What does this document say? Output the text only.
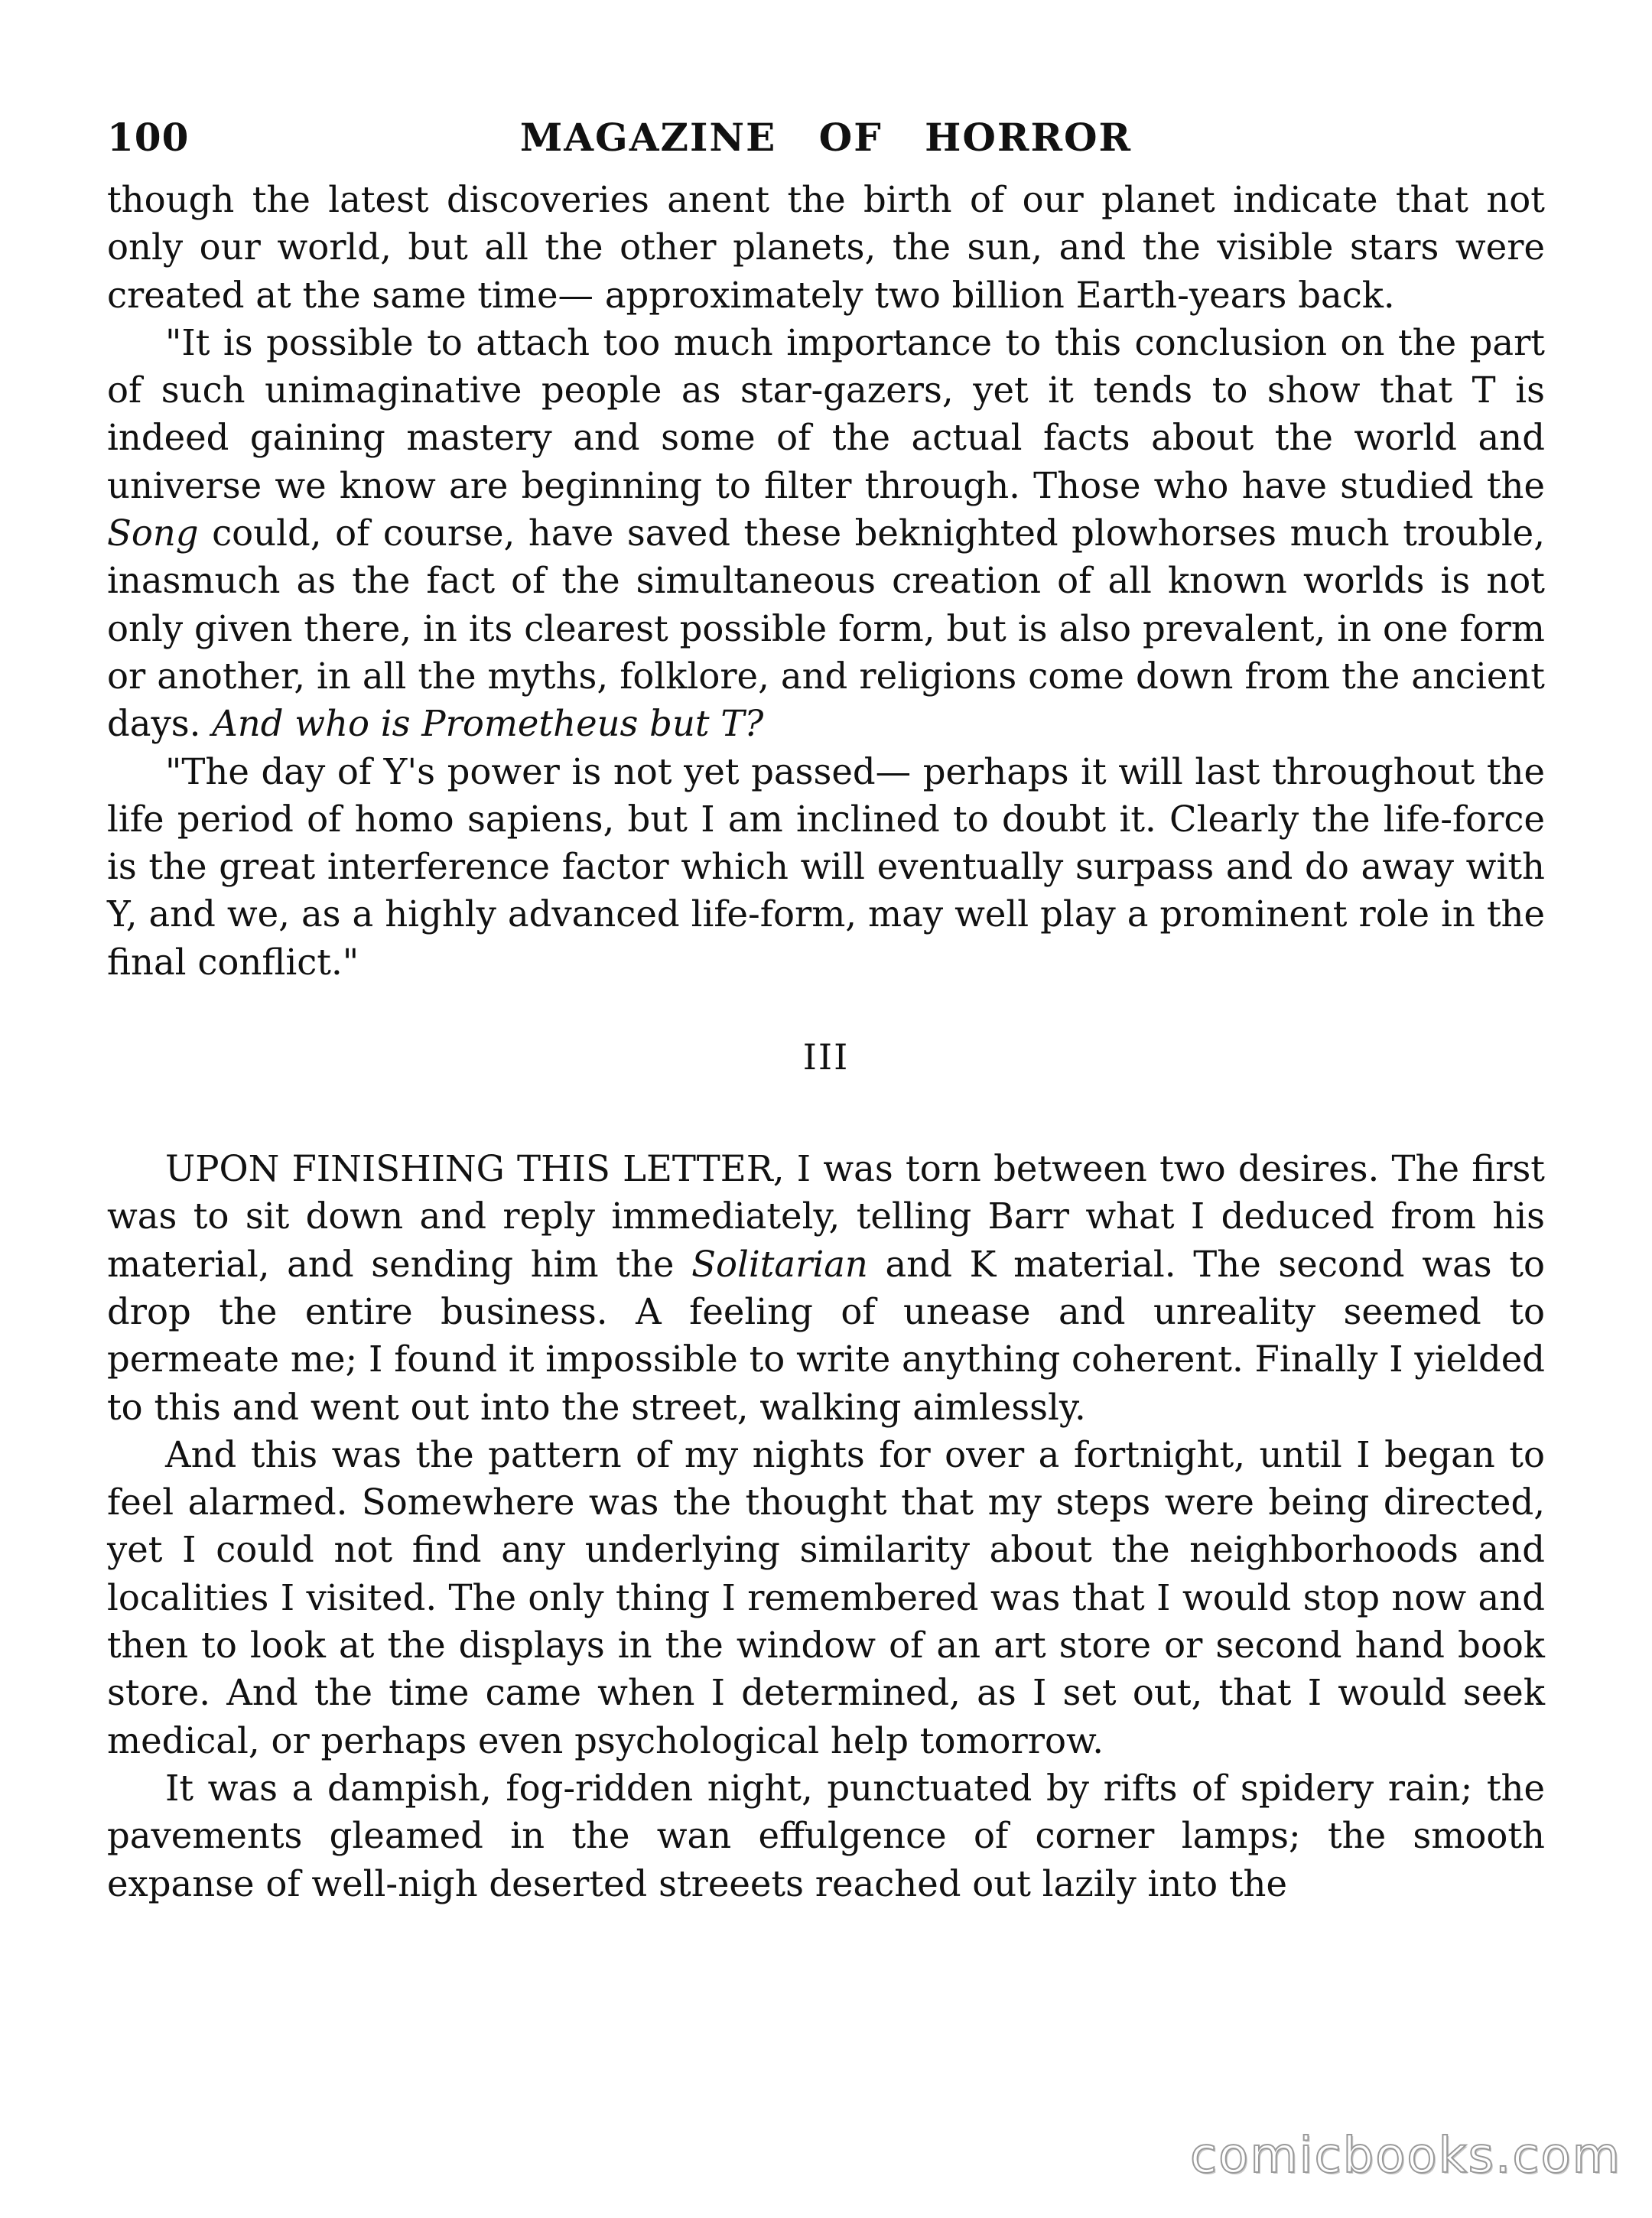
100	MAGAZINE OF HORROR

though the latest discoveries anent the birth of our planet indicate that not only our world, but all the other planets, the sun, and the visible stars were created at the same time— approximately two billion Earth-years back.

"It is possible to attach too much importance to this conclusion on the part of such unimaginative people as star-gazers, yet it tends to show that T is indeed gaining mastery and some of the actual facts about the world and universe we know are beginning to filter through. Those who have studied the Song could, of course, have saved these beknighted plowhorses much trouble, inasmuch as the fact of the simultaneous creation of all known worlds is not only given there, in its clearest possible form, but is also prevalent, in one form or another, in all the myths, folklore, and religions come down from the ancient days. And who is Prometheus but T?

"The day of Y's power is not yet passed— perhaps it will last throughout the life period of homo sapiens, but I am inclined to doubt it. Clearly the life-force is the great interference factor which will eventually surpass and do away with Y, and we, as a highly advanced life-form, may well play a prominent role in the final conflict."

III

UPON FINISHING THIS LETTER, I was torn between two desires. The first was to sit down and reply immediately, telling Barr what I deduced from his material, and sending him the Solitarian and K material. The second was to drop the entire business. A feeling of unease and unreality seemed to permeate me; I found it impossible to write anything coherent. Finally I yielded to this and went out into the street, walking aimlessly.

And this was the pattern of my nights for over a fortnight, until I began to feel alarmed. Somewhere was the thought that my steps were being directed, yet I could not find any underlying similarity about the neighborhoods and localities I visited. The only thing I remembered was that I would stop now and then to look at the displays in the window of an art store or second hand book store. And the time came when I determined, as I set out, that I would seek medical, or perhaps even psychological help tomorrow.

It was a dampish, fog-ridden night, punctuated by rifts of spidery rain; the pavements gleamed in the wan effulgence of corner lamps; the smooth expanse of well-nigh deserted streeets reached out lazily into the

comicbooks.com
